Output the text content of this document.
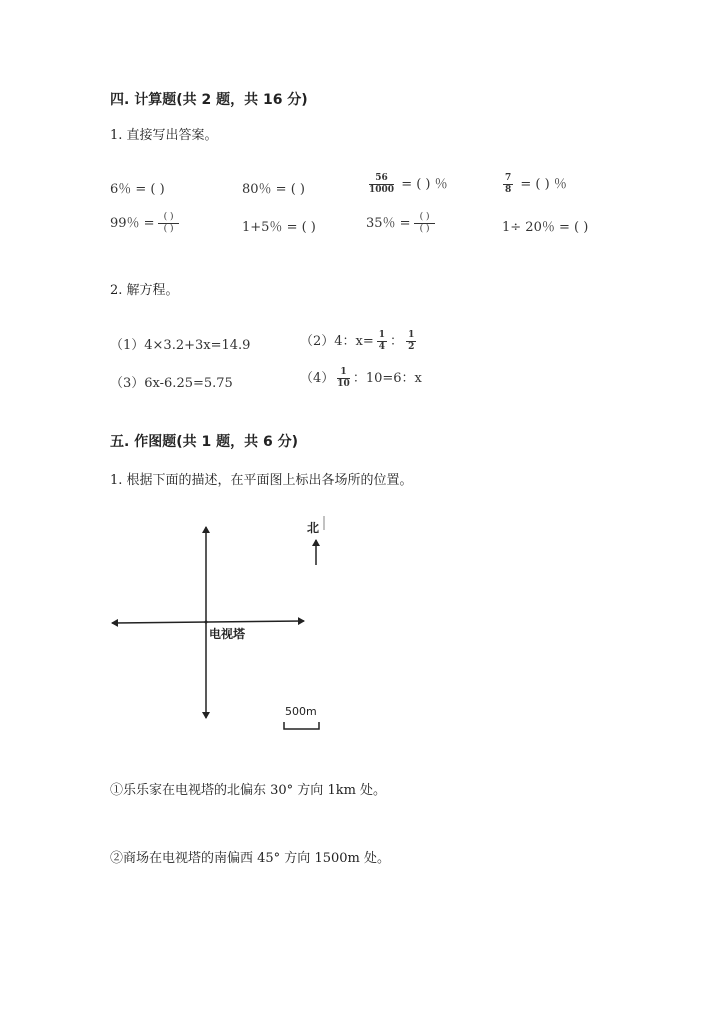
四. 计算题(共 2 题，共 16 分)
1. 直接写出答案。
6％ = ( )	80％ = ( )	$\frac{56}{1000}$ = ( ) ％	$\frac{7}{8}$ = ( ) ％
99％ = $\frac{( )}{( )}$	1+5％ = ( )	35％ = $\frac{( )}{( )}$	1÷ 20％ = ( )
2. 解方程。
（1）4×3.2+3x=14.9	（2）4：$x= \frac{1}{4}$ ： $\frac{1}{2}$
（3）6x-6.25=5.75	$(4) \frac{1}{10}$ ：10=6：x
五. 作图题(共 1 题，共 6 分)
1. 根据下面的描述，在平面图上标出各场所的位置。
北
电视塔
500m
①乐乐家在电视塔的北偏东 30° 方向 1km 处。
②商场在电视塔的南偏西 45° 方向 1500m 处。
